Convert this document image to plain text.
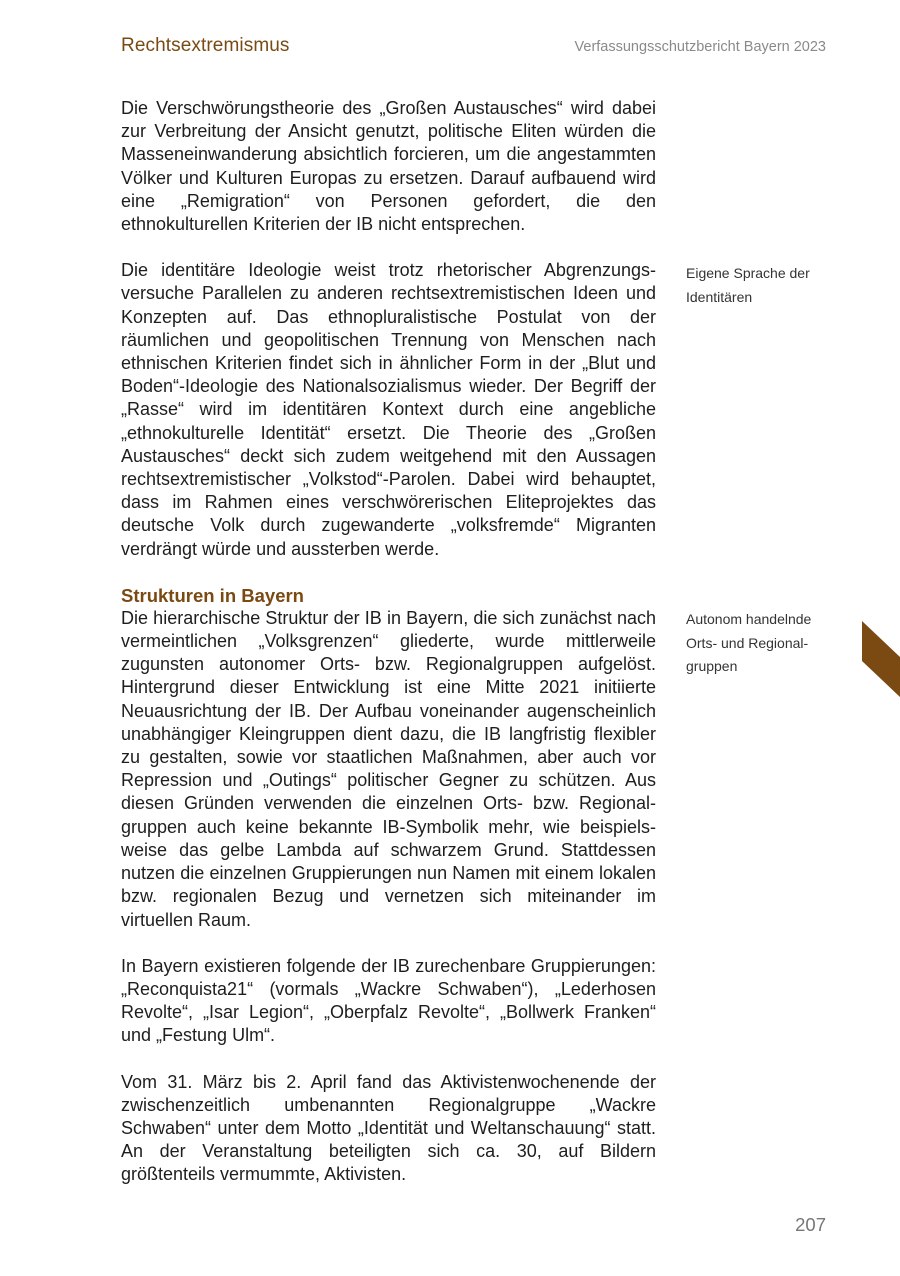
Rechtsextremismus	Verfassungsschutzbericht Bayern 2023

Die Verschwörungstheorie des „Großen Austausches“ wird dabei zur Verbreitung der Ansicht genutzt, politische Eliten würden die Masseneinwanderung absichtlich forcieren, um die angestammten Völker und Kulturen Europas zu ersetzen. Darauf aufbauend wird eine „Remigration“ von Personen gefordert, die den ethnokulturellen Kriterien der IB nicht entsprechen.

Die identitäre Ideologie weist trotz rhetorischer Abgrenzungsversuche Parallelen zu anderen rechtsextremistischen Ideen und Konzepten auf. Das ethnopluralistische Postulat von der räumlichen und geopolitischen Trennung von Menschen nach ethnischen Kriterien findet sich in ähnlicher Form in der „Blut und Boden“-Ideologie des Nationalsozialismus wieder. Der Begriff der „Rasse“ wird im identitären Kontext durch eine angebliche „ethnokulturelle Identität“ ersetzt. Die Theorie des „Großen Austausches“ deckt sich zudem weitgehend mit den Aussagen rechtsextremistischer „Volkstod“-Parolen. Dabei wird behauptet, dass im Rahmen eines verschwörerischen Eliteprojektes das deutsche Volk durch zugewanderte „volksfremde“ Migranten verdrängt würde und aussterben werde.

Strukturen in Bayern

Die hierarchische Struktur der IB in Bayern, die sich zunächst nach vermeintlichen „Volksgrenzen“ gliederte, wurde mittlerweile zugunsten autonomer Orts- bzw. Regionalgruppen aufgelöst. Hintergrund dieser Entwicklung ist eine Mitte 2021 initiierte Neuausrichtung der IB. Der Aufbau voneinander augenscheinlich unabhängiger Kleingruppen dient dazu, die IB langfristig flexibler zu gestalten, sowie vor staatlichen Maßnahmen, aber auch vor Repression und „Outings“ politischer Gegner zu schützen. Aus diesen Gründen verwenden die einzelnen Orts- bzw. Regionalgruppen auch keine bekannte IB-Symbolik mehr, wie beispielsweise das gelbe Lambda auf schwarzem Grund. Stattdessen nutzen die einzelnen Gruppierungen nun Namen mit einem lokalen bzw. regionalen Bezug und vernetzen sich miteinander im virtuellen Raum.

In Bayern existieren folgende der IB zurechenbare Gruppierungen: „Reconquista21“ (vormals „Wackre Schwaben“), „Lederhosen Revolte“, „Isar Legion“, „Oberpfalz Revolte“, „Bollwerk Franken“ und „Festung Ulm“.

Vom 31. März bis 2. April fand das Aktivistenwochenende der zwischenzeitlich umbenannten Regionalgruppe „Wackre Schwaben“ unter dem Motto „Identität und Weltanschauung“ statt. An der Veranstaltung beteiligten sich ca. 30, auf Bildern größtenteils vermummte, Aktivisten.

Eigene Sprache der Identitären
Autonom handelnde Orts- und Regionalgruppen
207
